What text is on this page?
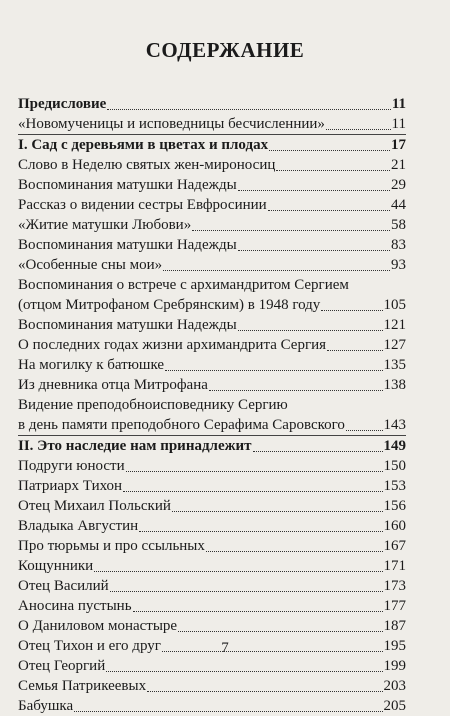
СОДЕРЖАНИЕ
Предисловие	11
«Новомученицы и исповедницы бесчисленнии»	11
I. Сад с деревьями в цветах и плодах	17
Слово в Неделю святых жен-мироносиц	21
Воспоминания матушки Надежды	29
Рассказ о видении сестры Евфросинии	44
«Житие матушки Любови»	58
Воспоминания матушки Надежды	83
«Особенные сны мои»	93
Воспоминания о встрече с архимандритом Сергием
(отцом Митрофаном Сребрянским) в 1948 году	105
Воспоминания матушки Надежды	121
О последних годах жизни архимандрита Сергия	127
На могилку к батюшке	135
Из дневника отца Митрофана	138
Видение преподобноисповеднику Сергию
в день памяти преподобного Серафима Саровского	143
II. Это наследие нам принадлежит	149
Подруги юности	150
Патриарх Тихон	153
Отец Михаил Польский	156
Владыка Августин	160
Про тюрьмы и про ссыльных	167
Кощунники	171
Отец Василий	173
Аносина пустынь	177
О Даниловом монастыре	187
Отец Тихон и его друг	195
Отец Георгий	199
Семья Патрикеевых	203
Бабушка	205
7
